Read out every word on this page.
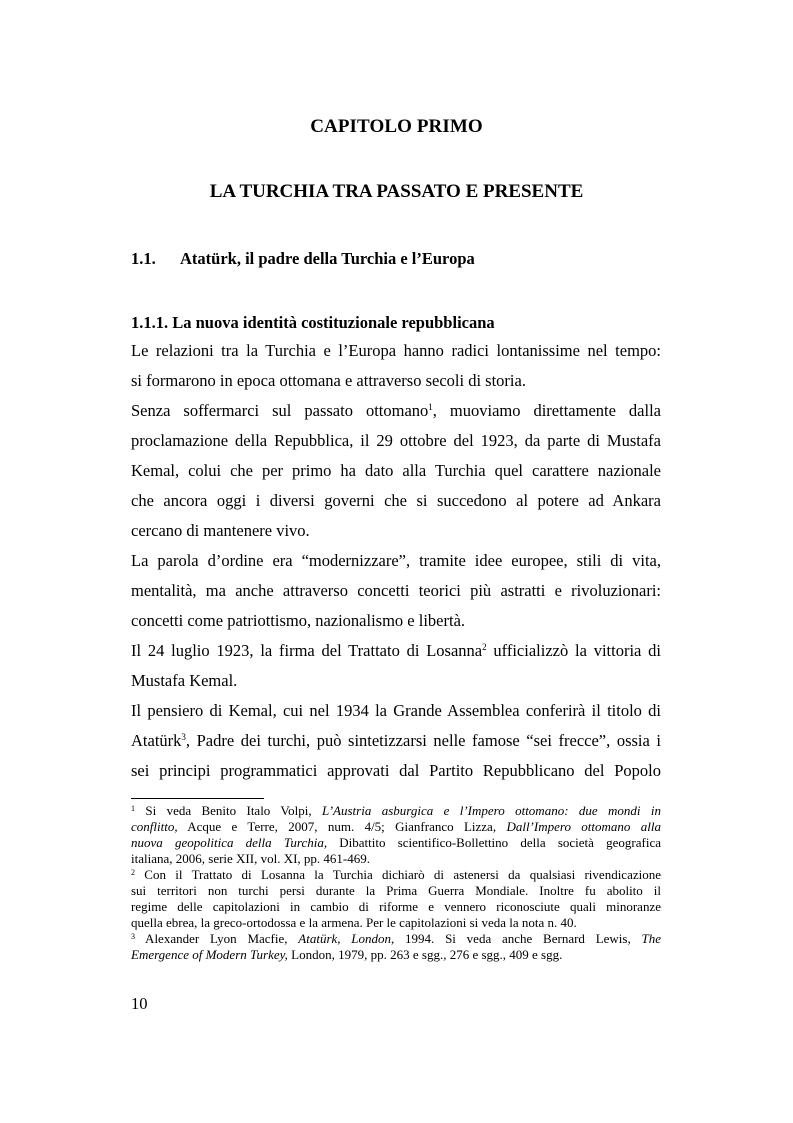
CAPITOLO PRIMO
LA TURCHIA TRA PASSATO E PRESENTE
1.1. Atatürk, il padre della Turchia e l’Europa
1.1.1. La nuova identità costituzionale repubblicana

Le relazioni tra la Turchia e l’Europa hanno radici lontanissime nel tempo:
si formarono in epoca ottomana e attraverso secoli di storia.

Senza soffermarci sul passato ottomano$^1$, muoviamo direttamente dalla
proclamazione della Repubblica, il 29 ottobre del 1923, da parte di Mustafa
Kemal, colui che per primo ha dato alla Turchia quel carattere nazionale
che ancora oggi i diversi governi che si succedono al potere ad Ankara
cercano di mantenere vivo.

La parola d’ordine era “modernizzare”, tramite idee europee, stili di vita,
mentalità, ma anche attraverso concetti teorici più astratti e rivoluzionari:
concetti come patriottismo, nazionalismo e libertà.

Il 24 luglio 1923, la firma del Trattato di Losanna$^2$ ufficializzò la vittoria di
Mustafa Kemal.

Il pensiero di Kemal, cui nel 1934 la Grande Assemblea conferirà il titolo di
Atatürk$^3$, Padre dei turchi, può sintetizzarsi nelle famose “sei frecce”, ossia i
sei principi programmatici approvati dal Partito Repubblicano del Popolo

$^1$ Si veda Benito Italo Volpi, L’Austria asburgica e l’Impero ottomano: due mondi in
conflitto, Acque e Terre, 2007, num. 4/5; Gianfranco Lizza, Dall’Impero ottomano alla
nuova geopolitica della Turchia, Dibattito scientifico-Bollettino della società geografica
italiana, 2006, serie XII, vol. XI, pp. 461-469.
$^2$ Con il Trattato di Losanna la Turchia dichiarò di astenersi da qualsiasi rivendicazione
sui territori non turchi persi durante la Prima Guerra Mondiale. Inoltre fu abolito il
regime delle capitolazioni in cambio di riforme e vennero riconosciute quali minoranze
quella ebrea, la greco-ortodossa e la armena. Per le capitolazioni si veda la nota n. 40.
$^3$ Alexander Lyon Macfie, Atatürk, London, 1994. Si veda anche Bernard Lewis, The
Emergence of Modern Turkey, London, 1979, pp. 263 e sgg., 276 e sgg., 409 e sgg.
10
